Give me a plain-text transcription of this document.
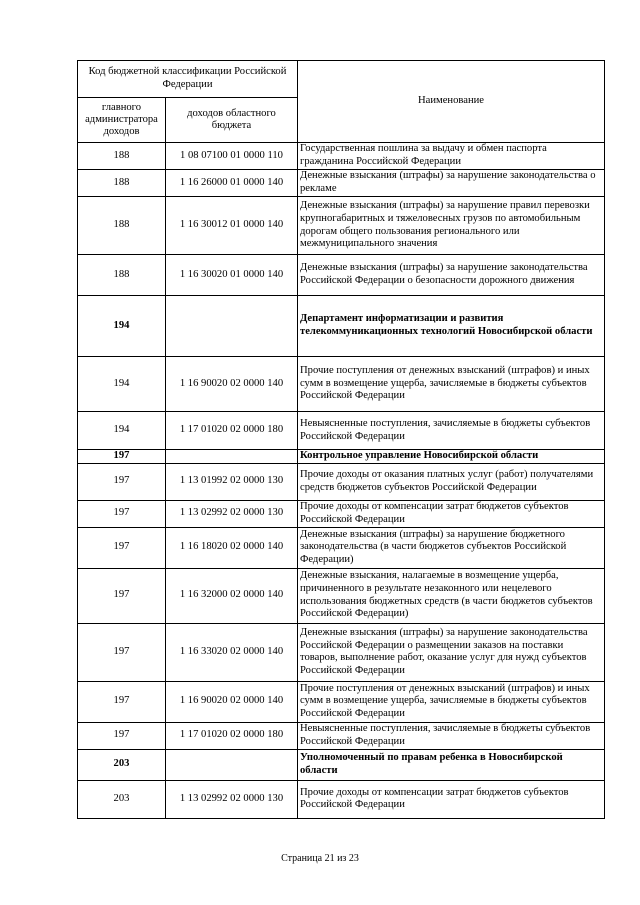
Код бюджетной классификации Российской Федерации		Наименование
главного администратора доходов	доходов областного бюджета	
188	1 08 07100 01 0000 110	Государственная пошлина за выдачу и обмен паспорта гражданина Российской Федерации
188	1 16 26000 01 0000 140	Денежные взыскания (штрафы) за нарушение законодательства о рекламе
188	1 16 30012 01 0000 140	Денежные взыскания (штрафы) за нарушение правил перевозки крупногабаритных и тяжеловесных грузов по автомобильным дорогам общего пользования регионального или межмуниципального значения
188	1 16 30020 01 0000 140	Денежные взыскания (штрафы) за нарушение законодательства Российской Федерации о безопасности дорожного движения
194		Департамент информатизации и развития телекоммуникационных технологий Новосибирской области
194	1 16 90020 02 0000 140	Прочие поступления от денежных взысканий (штрафов) и иных сумм в возмещение ущерба, зачисляемые в бюджеты субъектов Российской Федерации
194	1 17 01020 02 0000 180	Невыясненные поступления, зачисляемые в бюджеты субъектов Российской Федерации
197		Контрольное управление Новосибирской области
197	1 13 01992 02 0000 130	Прочие доходы от оказания платных услуг (работ) получателями средств бюджетов субъектов Российской Федерации
197	1 13 02992 02 0000 130	Прочие доходы от компенсации затрат бюджетов субъектов Российской Федерации
197	1 16 18020 02 0000 140	Денежные взыскания (штрафы) за нарушение бюджетного законодательства (в части бюджетов субъектов Российской Федерации)
197	1 16 32000 02 0000 140	Денежные взыскания, налагаемые в возмещение ущерба, причиненного в результате незаконного или нецелевого использования бюджетных средств (в части бюджетов субъектов Российской Федерации)
197	1 16 33020 02 0000 140	Денежные взыскания (штрафы) за нарушение законодательства Российской Федерации о размещении заказов на поставки товаров, выполнение работ, оказание услуг для нужд субъектов Российской Федерации
197	1 16 90020 02 0000 140	Прочие поступления от денежных взысканий (штрафов) и иных сумм в возмещение ущерба, зачисляемые в бюджеты субъектов Российской Федерации
197	1 17 01020 02 0000 180	Невыясненные поступления, зачисляемые в бюджеты субъектов Российской Федерации
203		Уполномоченный по правам ребенка в Новосибирской области
203	1 13 02992 02 0000 130	Прочие доходы от компенсации затрат бюджетов субъектов Российской Федерации
Страница 21 из 23
